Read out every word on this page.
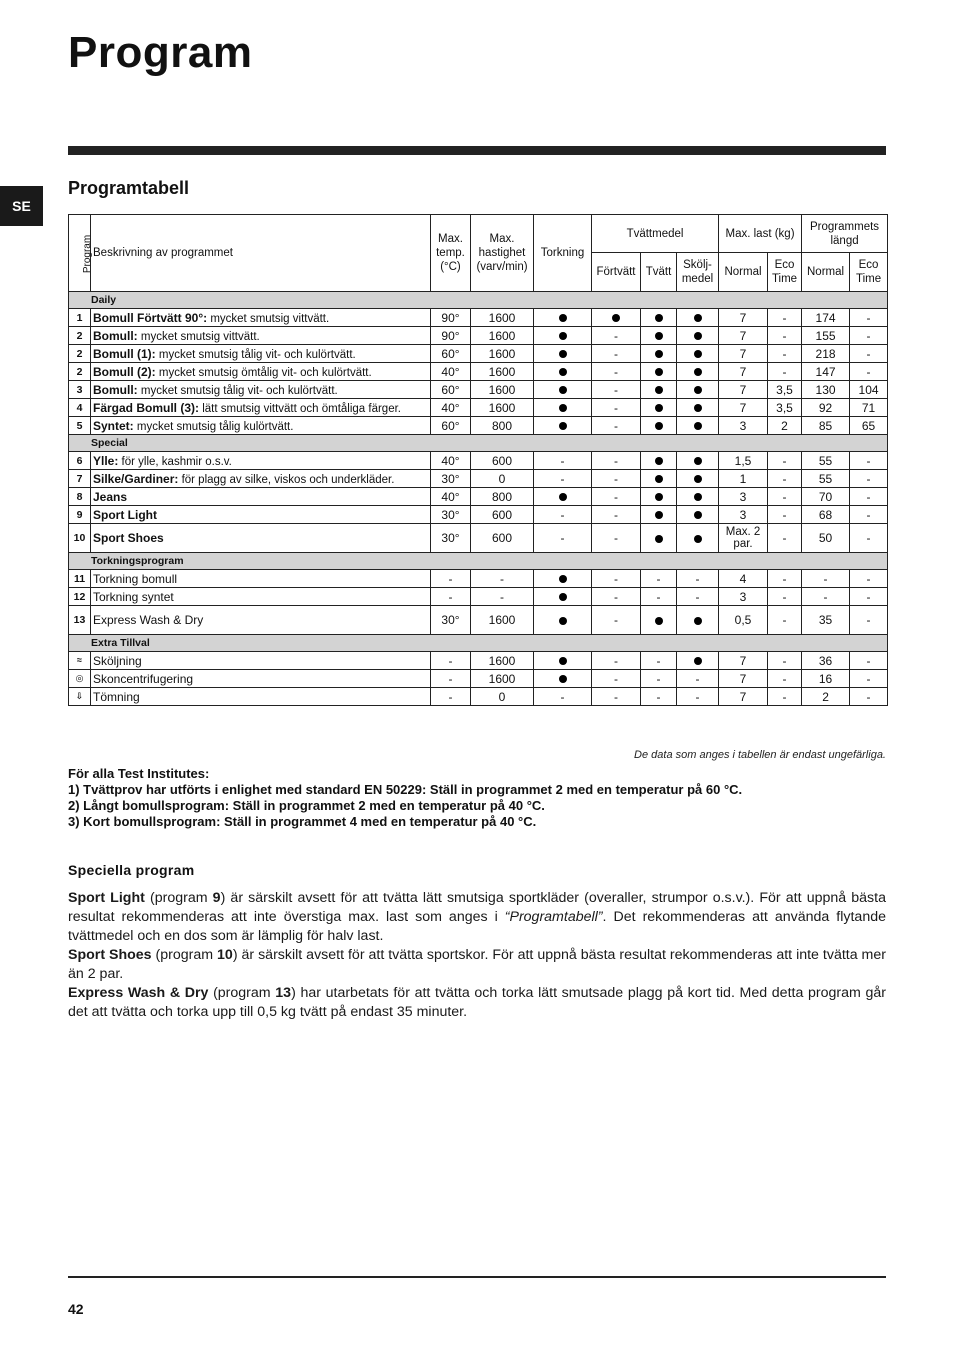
Program
SE
Programtabell
Program	Beskrivning av programmet	Max. temp. (°C)	Max. hastighet (varv/min)	Torkning	Tvättmedel			Max. last (kg)		Programmets längd	
					Förtvätt	Tvätt	Skölj-medel	Normal	Eco Time	Normal	Eco Time
Daily											
1	Bomull Förtvätt 90°: mycket smutsig vittvätt.	90°	1600					7	-	174	-
2	Bomull: mycket smutsig vittvätt.	90°	1600		-			7	-	155	-
2	Bomull (1): mycket smutsig tålig vit- och kulörtvätt.	60°	1600		-			7	-	218	-
2	Bomull (2): mycket smutsig ömtålig vit- och kulörtvätt.	40°	1600		-			7	-	147	-
3	Bomull: mycket smutsig tålig vit- och kulörtvätt.	60°	1600		-			7	3,5	130	104
4	Färgad Bomull (3): lätt smutsig vittvätt och ömtåliga färger.	40°	1600		-			7	3,5	92	71
5	Syntet: mycket smutsig tålig kulörtvätt.	60°	800		-			3	2	85	65
Special											
6	Ylle: för ylle, kashmir o.s.v.	40°	600	-	-			1,5	-	55	-
7	Silke/Gardiner: för plagg av silke, viskos och underkläder.	30°	0	-	-			1	-	55	-
8	Jeans	40°	800		-			3	-	70	-
9	Sport Light	30°	600	-	-			3	-	68	-
10	Sport Shoes	30°	600	-	-			Max. 2 par.	-	50	-
Torkningsprogram											
11	Torkning bomull	-	-		-	-	-	4	-	-	-
12	Torkning syntet	-	-		-	-	-	3	-	-	-
13	Express Wash & Dry	30°	1600		-			0,5	-	35	-
Extra Tillval											
≈	Sköljning	-	1600		-	-		7	-	36	-
◎	Skoncentrifugering	-	1600		-	-	-	7	-	16	-
⇩	Tömning	-	0	-	-	-	-	7	-	2	-
De data som anges i tabellen är endast ungefärliga.
För alla Test Institutes:
1) Tvättprov har utförts i enlighet med standard EN 50229: Ställ in programmet 2 med en temperatur på 60 °C.
2) Långt bomullsprogram: Ställ in programmet 2 med en temperatur på 40 °C.
3) Kort bomullsprogram: Ställ in programmet 4 med en temperatur på 40 °C.
Speciella program

Sport Light (program 9) är särskilt avsett för att tvätta lätt smutsiga sportkläder (overaller, strumpor o.s.v.). För att uppnå bästa resultat rekommenderas att inte överstiga max. last som anges i “Programtabell”. Det rekommenderas att använda flytande tvättmedel och en dos som är lämplig för halv last.

Sport Shoes (program 10) är särskilt avsett för att tvätta sportskor. För att uppnå bästa resultat rekommenderas att inte tvätta mer än 2 par.

Express Wash & Dry (program 13) har utarbetats för att tvätta och torka lätt smutsade plagg på kort tid. Med detta program går det att tvätta och torka upp till 0,5 kg tvätt på endast 35 minuter.

42
